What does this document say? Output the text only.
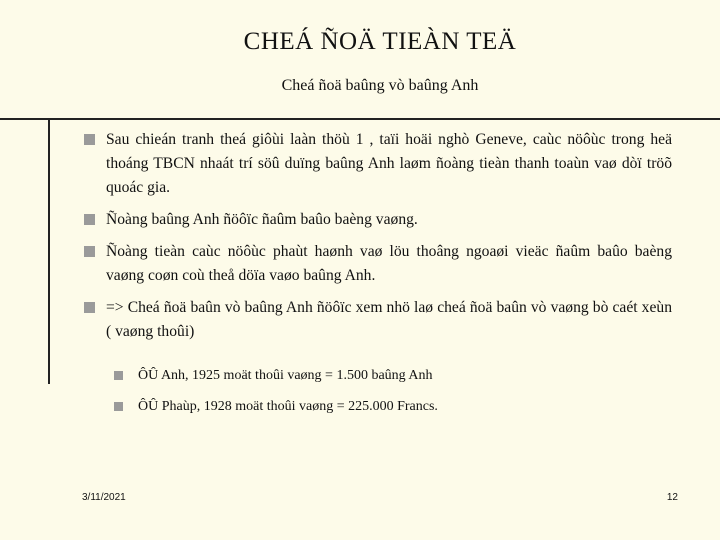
CHEÁ ÑOÄ TIEÀN TEÄ
Cheá ñoä baûng vò baûng Anh
Sau chieán tranh theá giôùi laàn thöù 1 , taïi hoäi nghò Geneve, caùc nöôùc trong heä thoáng TBCN nhaát trí söû duïng baûng Anh laøm ñoàng tieàn thanh toaùn vaø dòï tröõ quoác gia.
Ñoàng baûng Anh ñöôïc ñaûm baûo baèng vaøng.
Ñoàng tieàn caùc nöôùc phaùt haønh vaø löu thoâng ngoaøi vieäc ñaûm baûo baèng vaøng coøn coù theå döïa vaøo baûng Anh.
=> Cheá ñoä baûn vò baûng Anh ñöôïc xem nhö laø cheá ñoä baûn vò vaøng bò caét xeùn ( vaøng thoûi)
ÔÛ Anh, 1925 moät thoûi vaøng = 1.500 baûng Anh
ÔÛ Phaùp, 1928 moät thoûi vaøng = 225.000 Francs.
3/11/2021	12
